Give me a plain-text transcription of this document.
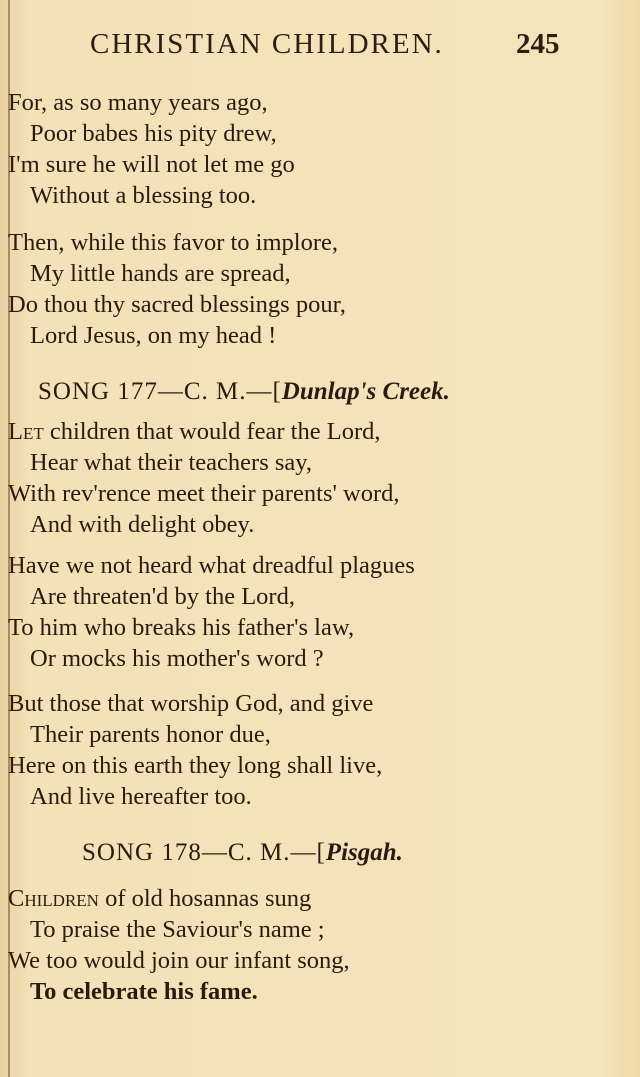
CHRISTIAN CHILDREN. 245
For, as so many years ago,
Poor babes his pity drew,
I'm sure he will not let me go
Without a blessing too.
Then, while this favor to implore,
My little hands are spread,
Do thou thy sacred blessings pour,
Lord Jesus, on my head !
SONG 177—C. M.—[Dunlap's Creek.
Let children that would fear the Lord,
Hear what their teachers say,
With rev'rence meet their parents' word,
And with delight obey.
Have we not heard what dreadful plagues
Are threaten'd by the Lord,
To him who breaks his father's law,
Or mocks his mother's word ?
But those that worship God, and give
Their parents honor due,
Here on this earth they long shall live,
And live hereafter too.
SONG 178—C. M.—[Pisgah.
Children of old hosannas sung
To praise the Saviour's name ;
We too would join our infant song,
To celebrate his fame.
